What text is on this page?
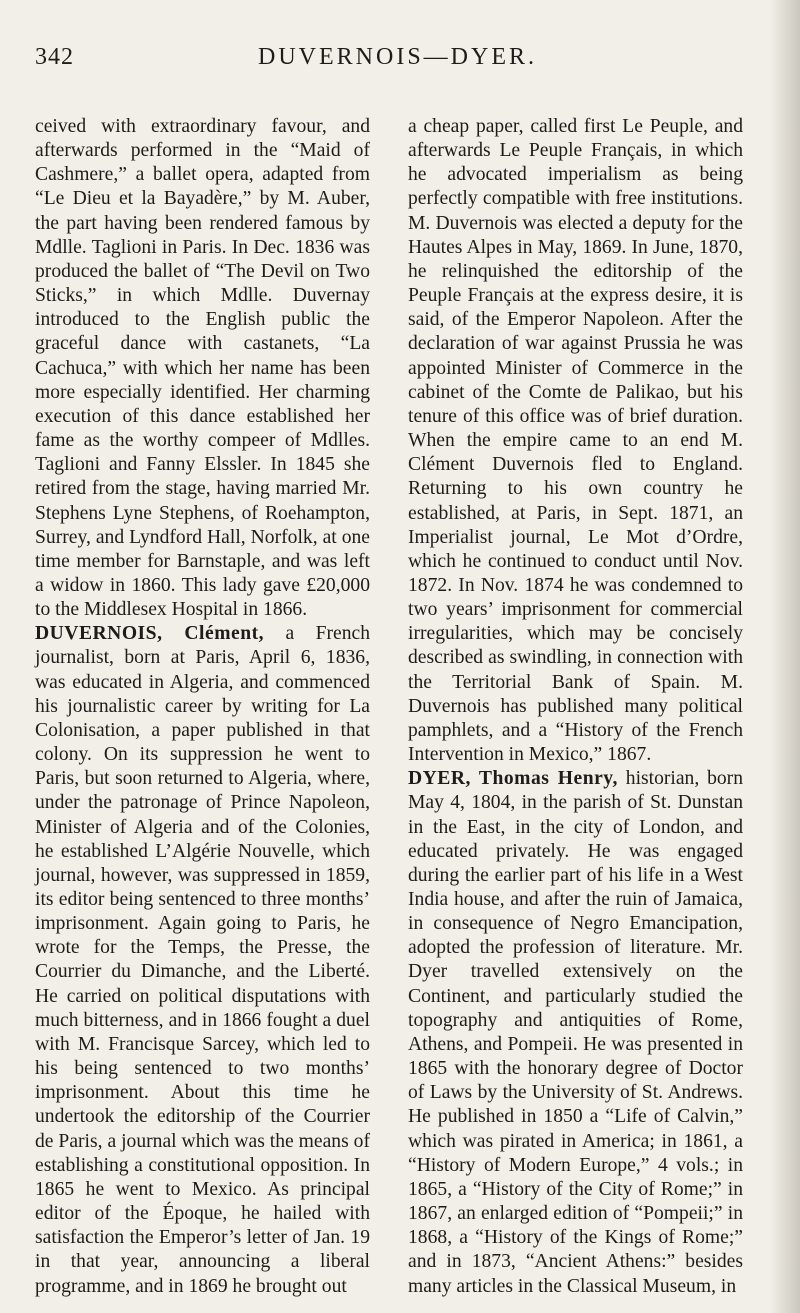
342	DUVERNOIS—DYER.

ceived with extraordinary favour, and afterwards performed in the “Maid of Cashmere,” a ballet opera, adapted from “Le Dieu et la Bayadère,” by M. Auber, the part having been rendered famous by Mdlle. Taglioni in Paris. In Dec. 1836 was produced the ballet of “The Devil on Two Sticks,” in which Mdlle. Duvernay introduced to the English public the graceful dance with castanets, “La Cachuca,” with which her name has been more especially identified. Her charming execution of this dance established her fame as the worthy compeer of Mdlles. Taglioni and Fanny Elssler. In 1845 she retired from the stage, having married Mr. Stephens Lyne Stephens, of Roehampton, Surrey, and Lyndford Hall, Norfolk, at one time member for Barnstaple, and was left a widow in 1860. This lady gave £20,000 to the Middlesex Hospital in 1866.

DUVERNOIS, Clément, a French journalist, born at Paris, April 6, 1836, was educated in Algeria, and commenced his journalistic career by writing for La Colonisation, a paper published in that colony. On its suppression he went to Paris, but soon returned to Algeria, where, under the patronage of Prince Napoleon, Minister of Algeria and of the Colonies, he established L’Algérie Nouvelle, which journal, however, was suppressed in 1859, its editor being sentenced to three months’ imprisonment. Again going to Paris, he wrote for the Temps, the Presse, the Courrier du Dimanche, and the Liberté. He carried on political disputations with much bitterness, and in 1866 fought a duel with M. Francisque Sarcey, which led to his being sentenced to two months’ imprisonment. About this time he undertook the editorship of the Courrier de Paris, a journal which was the means of establishing a constitutional opposition. In 1865 he went to Mexico. As principal editor of the Époque, he hailed with satisfaction the Emperor’s letter of Jan. 19 in that year, announcing a liberal programme, and in 1869 he brought out

a cheap paper, called first Le Peuple, and afterwards Le Peuple Français, in which he advocated imperialism as being perfectly compatible with free institutions. M. Duvernois was elected a deputy for the Hautes Alpes in May, 1869. In June, 1870, he relinquished the editorship of the Peuple Français at the express desire, it is said, of the Emperor Napoleon. After the declaration of war against Prussia he was appointed Minister of Commerce in the cabinet of the Comte de Palikao, but his tenure of this office was of brief duration. When the empire came to an end M. Clément Duvernois fled to England. Returning to his own country he established, at Paris, in Sept. 1871, an Imperialist journal, Le Mot d’Ordre, which he continued to conduct until Nov. 1872. In Nov. 1874 he was condemned to two years’ imprisonment for commercial irregularities, which may be concisely described as swindling, in connection with the Territorial Bank of Spain. M. Duvernois has published many political pamphlets, and a “History of the French Intervention in Mexico,” 1867.

DYER, Thomas Henry, historian, born May 4, 1804, in the parish of St. Dunstan in the East, in the city of London, and educated privately. He was engaged during the earlier part of his life in a West India house, and after the ruin of Jamaica, in consequence of Negro Emancipation, adopted the profession of literature. Mr. Dyer travelled extensively on the Continent, and particularly studied the topography and antiquities of Rome, Athens, and Pompeii. He was presented in 1865 with the honorary degree of Doctor of Laws by the University of St. Andrews. He published in 1850 a “Life of Calvin,” which was pirated in America; in 1861, a “History of Modern Europe,” 4 vols.; in 1865, a “History of the City of Rome;” in 1867, an enlarged edition of “Pompeii;” in 1868, a “History of the Kings of Rome;” and in 1873, “Ancient Athens:” besides many articles in the Classical Museum, in
